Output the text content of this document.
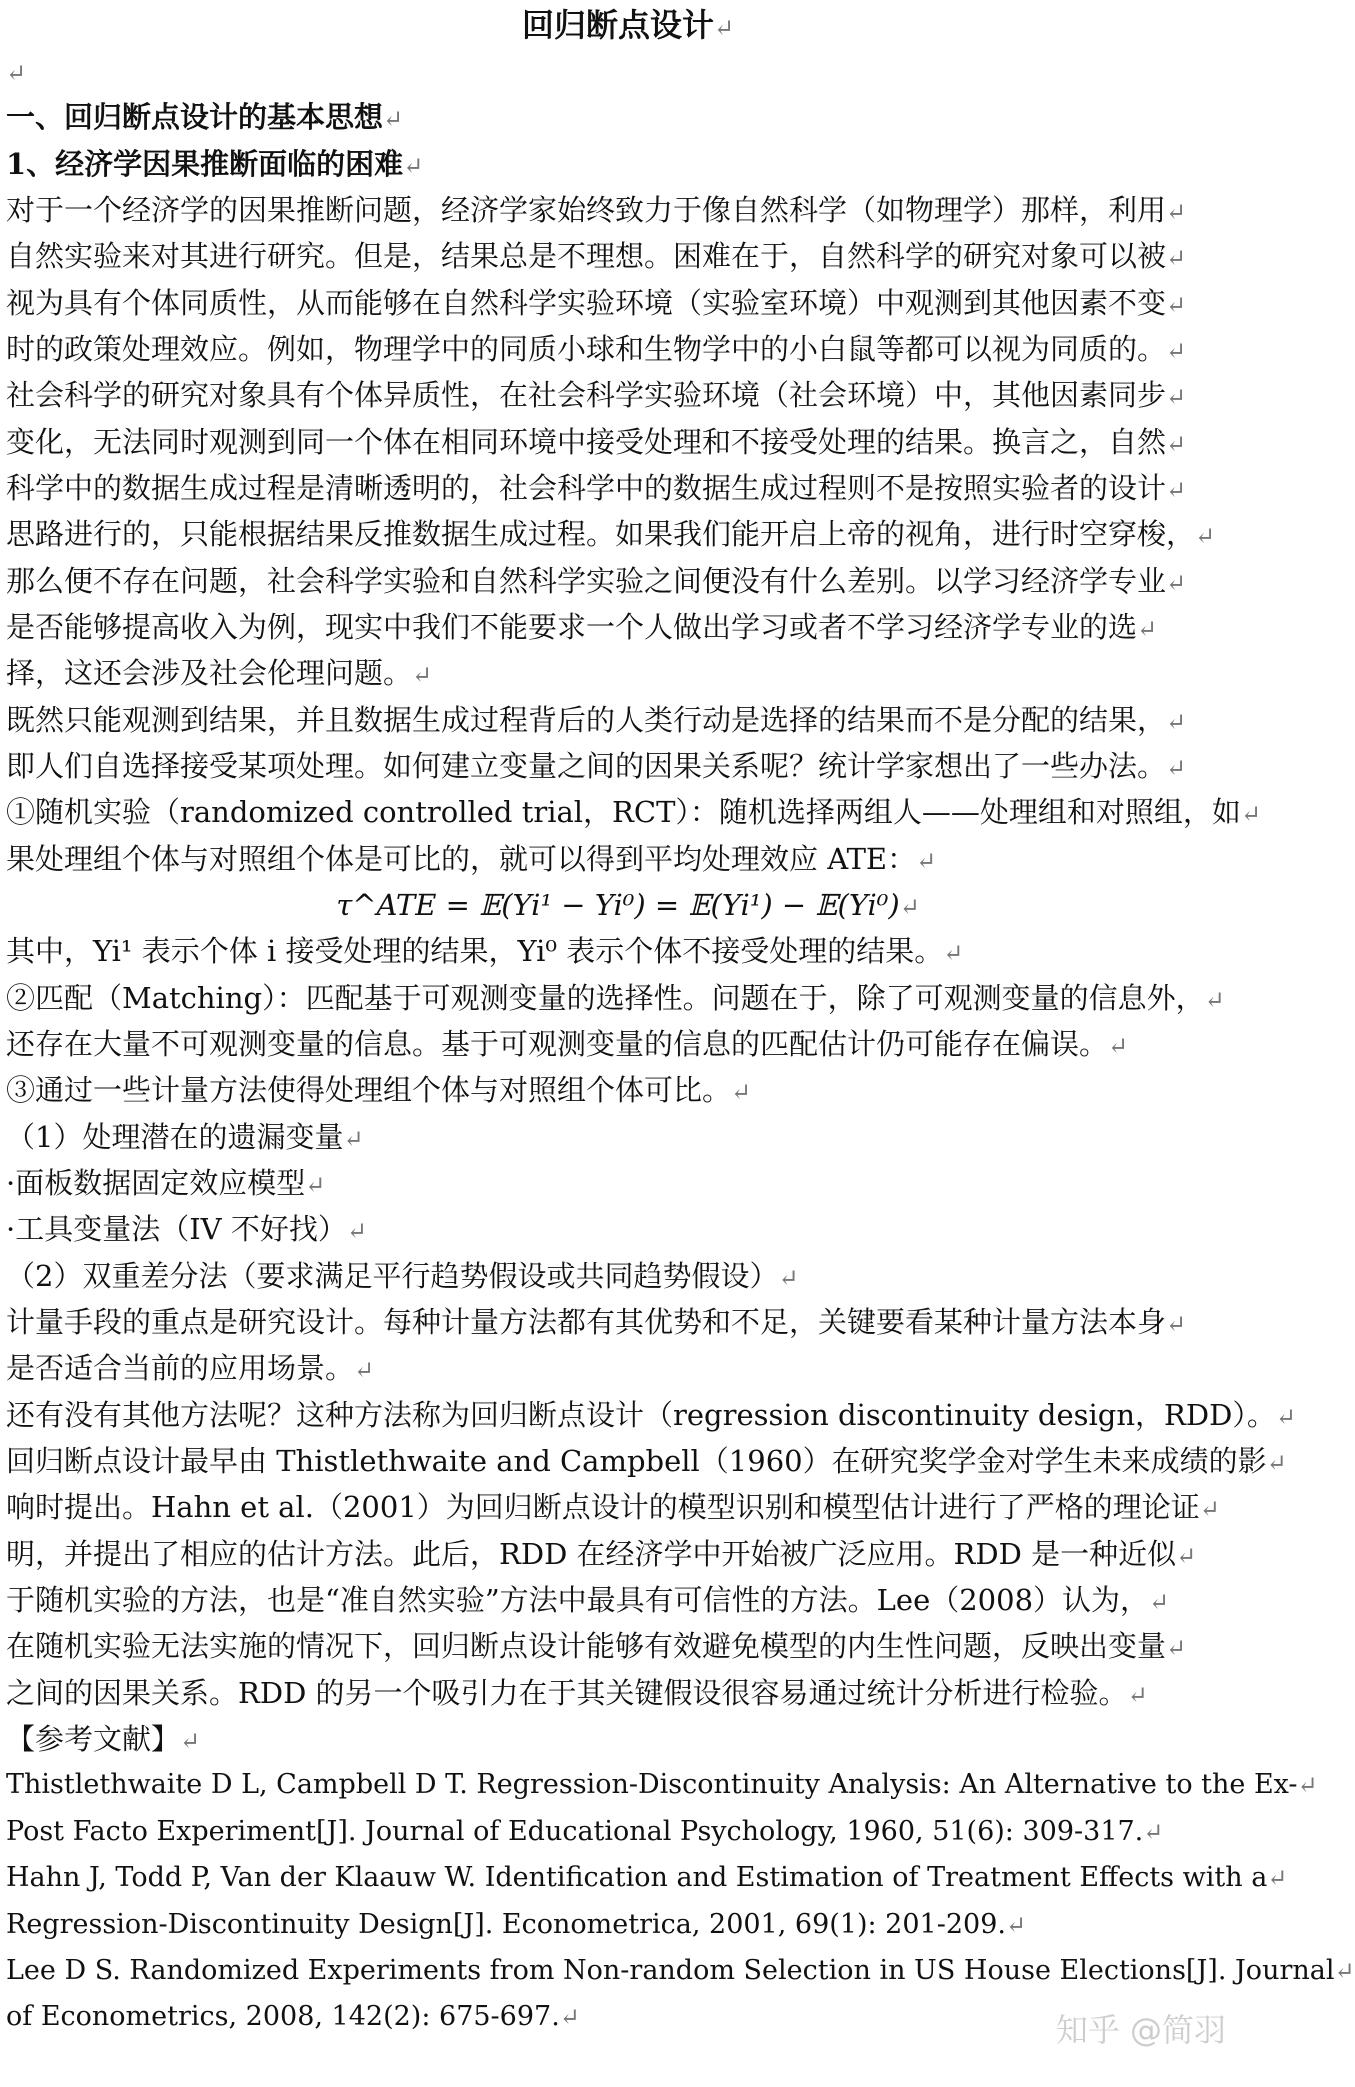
回归断点设计↵
↵
一、回归断点设计的基本思想↵
1、经济学因果推断面临的困难↵
对于一个经济学的因果推断问题，经济学家始终致力于像自然科学（如物理学）那样，利用↵
自然实验来对其进行研究。但是，结果总是不理想。困难在于，自然科学的研究对象可以被↵
视为具有个体同质性，从而能够在自然科学实验环境（实验室环境）中观测到其他因素不变↵
时的政策处理效应。例如，物理学中的同质小球和生物学中的小白鼠等都可以视为同质的。↵
社会科学的研究对象具有个体异质性，在社会科学实验环境（社会环境）中，其他因素同步↵
变化，无法同时观测到同一个体在相同环境中接受处理和不接受处理的结果。换言之，自然↵
科学中的数据生成过程是清晰透明的，社会科学中的数据生成过程则不是按照实验者的设计↵
思路进行的，只能根据结果反推数据生成过程。如果我们能开启上帝的视角，进行时空穿梭，↵
那么便不存在问题，社会科学实验和自然科学实验之间便没有什么差别。以学习经济学专业↵
是否能够提高收入为例，现实中我们不能要求一个人做出学习或者不学习经济学专业的选↵
择，这还会涉及社会伦理问题。↵
既然只能观测到结果，并且数据生成过程背后的人类行动是选择的结果而不是分配的结果，↵
即人们自选择接受某项处理。如何建立变量之间的因果关系呢？统计学家想出了一些办法。↵
①随机实验（randomized controlled trial，RCT）：随机选择两组人——处理组和对照组，如↵
果处理组个体与对照组个体是可比的，就可以得到平均处理效应 ATE：↵
τ^ATE = 𝔼(Yi¹ − Yi⁰) = 𝔼(Yi¹) − 𝔼(Yi⁰)↵
其中，Yi¹ 表示个体 i 接受处理的结果，Yi⁰ 表示个体不接受处理的结果。↵
②匹配（Matching）：匹配基于可观测变量的选择性。问题在于，除了可观测变量的信息外，↵
还存在大量不可观测变量的信息。基于可观测变量的信息的匹配估计仍可能存在偏误。↵
③通过一些计量方法使得处理组个体与对照组个体可比。↵
（1）处理潜在的遗漏变量↵
·面板数据固定效应模型↵
·工具变量法（IV 不好找）↵
（2）双重差分法（要求满足平行趋势假设或共同趋势假设）↵
计量手段的重点是研究设计。每种计量方法都有其优势和不足，关键要看某种计量方法本身↵
是否适合当前的应用场景。↵
还有没有其他方法呢？这种方法称为回归断点设计（regression discontinuity design，RDD）。↵
回归断点设计最早由 Thistlethwaite and Campbell（1960）在研究奖学金对学生未来成绩的影↵
响时提出。Hahn et al.（2001）为回归断点设计的模型识别和模型估计进行了严格的理论证↵
明，并提出了相应的估计方法。此后，RDD 在经济学中开始被广泛应用。RDD 是一种近似↵
于随机实验的方法，也是“准自然实验”方法中最具有可信性的方法。Lee（2008）认为，↵
在随机实验无法实施的情况下，回归断点设计能够有效避免模型的内生性问题，反映出变量↵
之间的因果关系。RDD 的另一个吸引力在于其关键假设很容易通过统计分析进行检验。↵
【参考文献】↵
Thistlethwaite D L, Campbell D T. Regression-Discontinuity Analysis: An Alternative to the Ex-↵
Post Facto Experiment[J]. Journal of Educational Psychology, 1960, 51(6): 309-317.↵
Hahn J, Todd P, Van der Klaauw W. Identification and Estimation of Treatment Effects with a↵
Regression-Discontinuity Design[J]. Econometrica, 2001, 69(1): 201-209.↵
Lee D S. Randomized Experiments from Non-random Selection in US House Elections[J]. Journal↵
of Econometrics, 2008, 142(2): 675-697.↵	知乎 @简羽
